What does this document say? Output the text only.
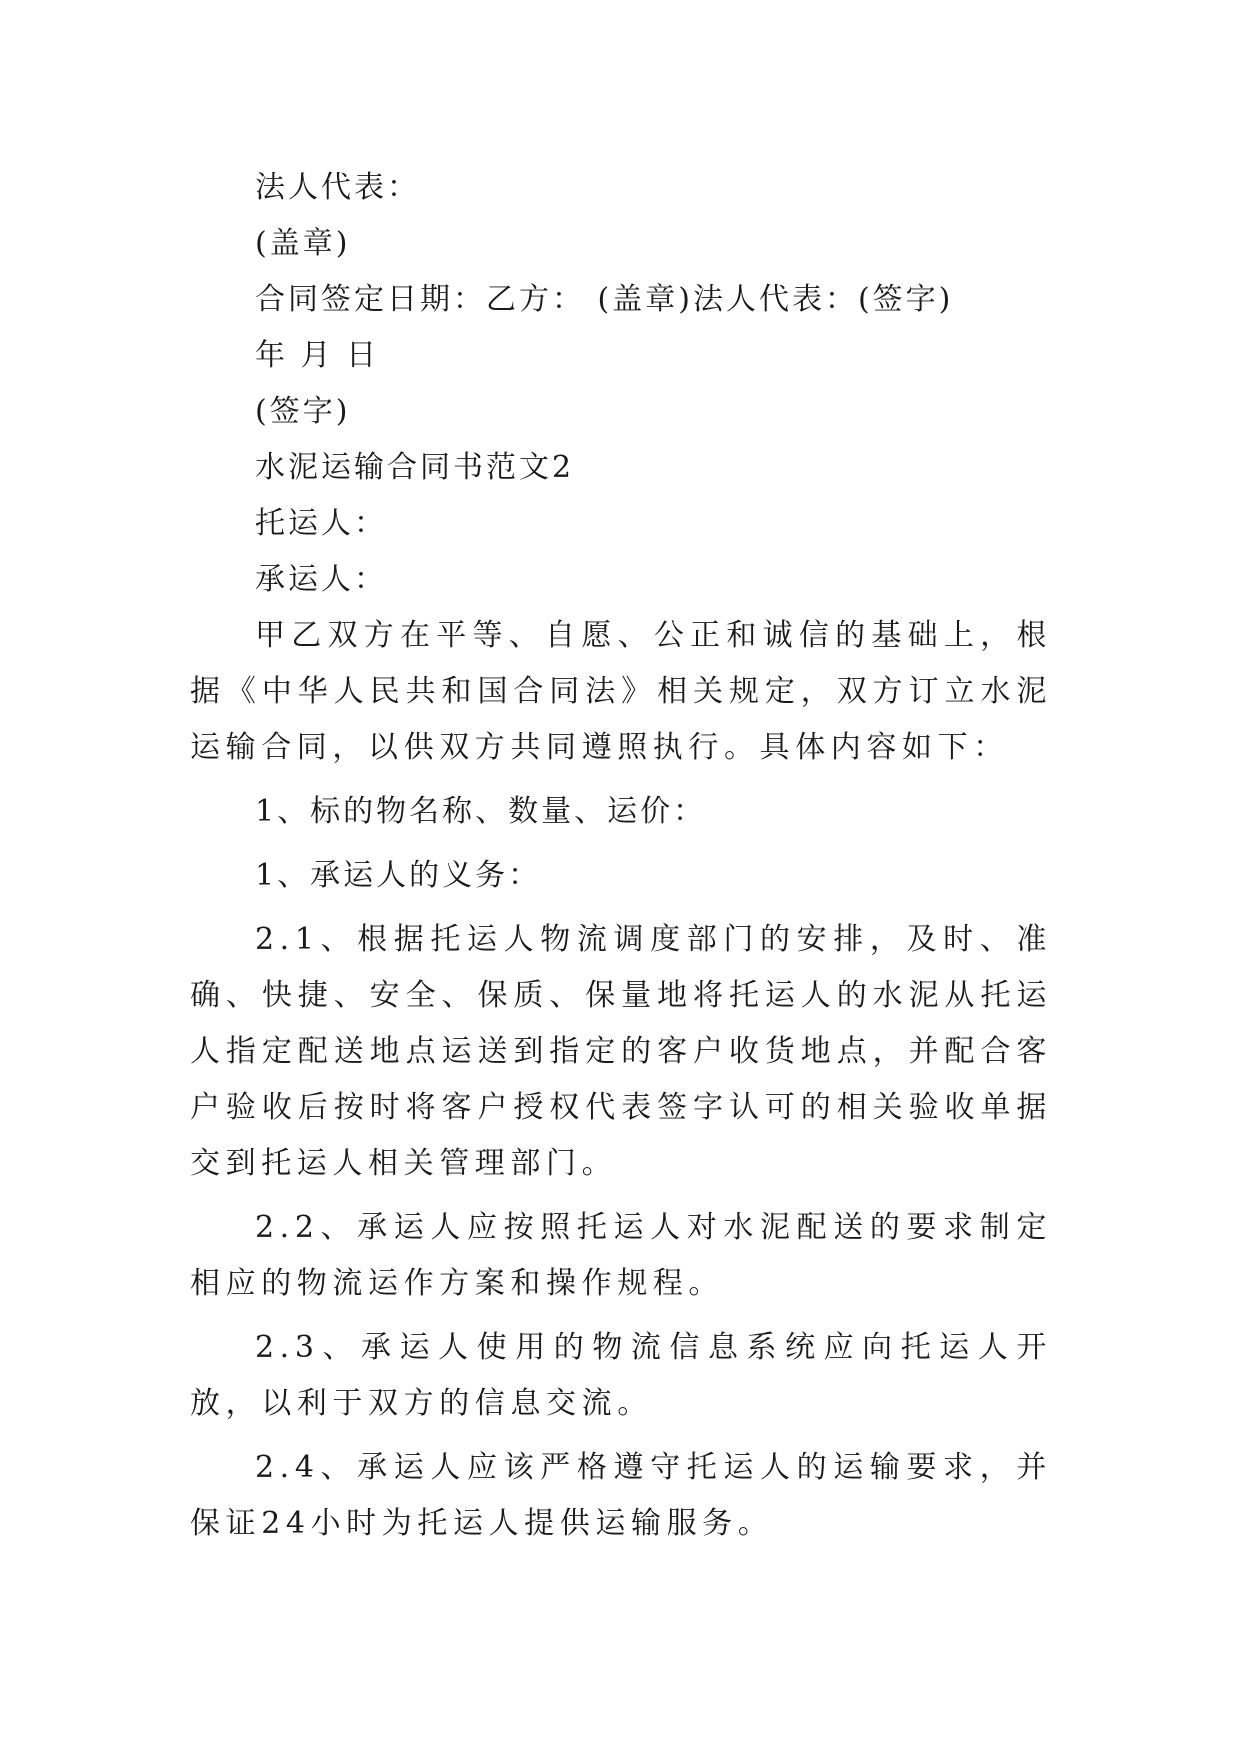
法人代表：
(盖章)
合同签定日期：乙方： (盖章)法人代表：(签字)
年 月 日
(签字)
水泥运输合同书范文2
托运人：
承运人：

甲乙双方在平等、自愿、公正和诚信的基础上，根据《中华人民共和国合同法》相关规定，双方订立水泥运输合同，以供双方共同遵照执行。具体内容如下：

1、标的物名称、数量、运价：

1、承运人的义务：

2.1、根据托运人物流调度部门的安排，及时、准确、快捷、安全、保质、保量地将托运人的水泥从托运人指定配送地点运送到指定的客户收货地点，并配合客户验收后按时将客户授权代表签字认可的相关验收单据交到托运人相关管理部门。

2.2、承运人应按照托运人对水泥配送的要求制定相应的物流运作方案和操作规程。

2.3、承运人使用的物流信息系统应向托运人开放，以利于双方的信息交流。

2.4、承运人应该严格遵守托运人的运输要求，并保证24小时为托运人提供运输服务。
